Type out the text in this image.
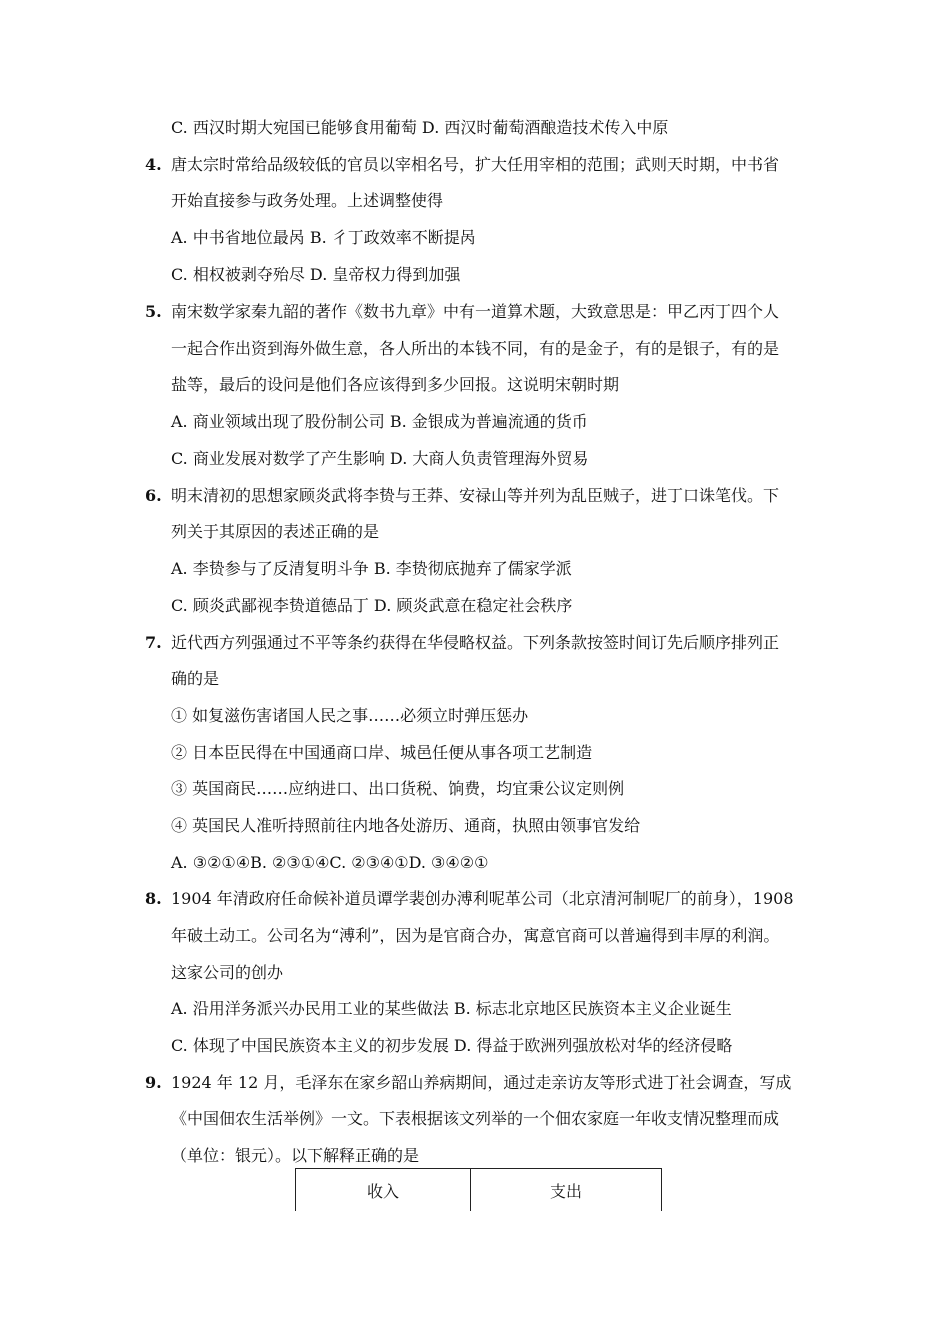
C. 西汉时期大宛国已能够食用葡萄 D. 西汉时葡萄酒酿造技术传入中原
4. 唐太宗时常给品级较低的官员以宰相名号，扩大任用宰相的范围；武则天时期，中书省
开始直接参与政务处理。上述调整使得
A. 中书省地位最呙 B. 彳丁政效率不断提呙
C. 相权被剥夺殆尽 D. 皇帝权力得到加强
5. 南宋数学家秦九韶的著作《数书九章》中有一道算术题，大致意思是：甲乙丙丁四个人
一起合作出资到海外做生意，各人所出的本钱不同，有的是金子，有的是银子，有的是
盐等，最后的设问是他们各应该得到多少回报。这说明宋朝时期
A. 商业领域出现了股份制公司 B. 金银成为普遍流通的货币
C. 商业发展对数学了产生影响 D. 大商人负责管理海外贸易
6. 明末清初的思想家顾炎武将李贽与王莽、安禄山等并列为乱臣贼子，进丁口诛笔伐。下
列关于其原因的表述正确的是
A. 李贽参与了反清复明斗争 B. 李贽彻底抛弃了儒家学派
C. 顾炎武鄙视李贽道德品丁 D. 顾炎武意在稳定社会秩序
7. 近代西方列强通过不平等条约获得在华侵略权益。下列条款按签时间订先后顺序排列正
确的是
① 如复滋伤害诸国人民之事……必须立时弹压惩办
② 日本臣民得在中国通商口岸、城邑任便从事各项工艺制造
③ 英国商民……应纳进口、出口货税、饷费，均宜秉公议定则例
④ 英国民人准听持照前往内地各处游历、通商，执照由领事官发给
A. ③②①④B. ②③①④C. ②③④①D. ③④②①
8. 1904 年清政府任命候补道员谭学裴创办溥利呢革公司（北京清河制呢厂的前身），1908
年破土动工。公司名为“溥利”，因为是官商合办，寓意官商可以普遍得到丰厚的利润。
这家公司的创办
A. 沿用洋务派兴办民用工业的某些做法 B. 标志北京地区民族资本主义企业诞生
C. 体现了中国民族资本主义的初步发展 D. 得益于欧洲列强放松对华的经济侵略
9. 1924 年 12 月，毛泽东在家乡韶山养病期间，通过走亲访友等形式进丁社会调查，写成
《中国佃农生活举例》一文。下表根据该文列举的一个佃农家庭一年收支情况整理而成
（单位：银元）。以下解释正确的是
收入	支出
